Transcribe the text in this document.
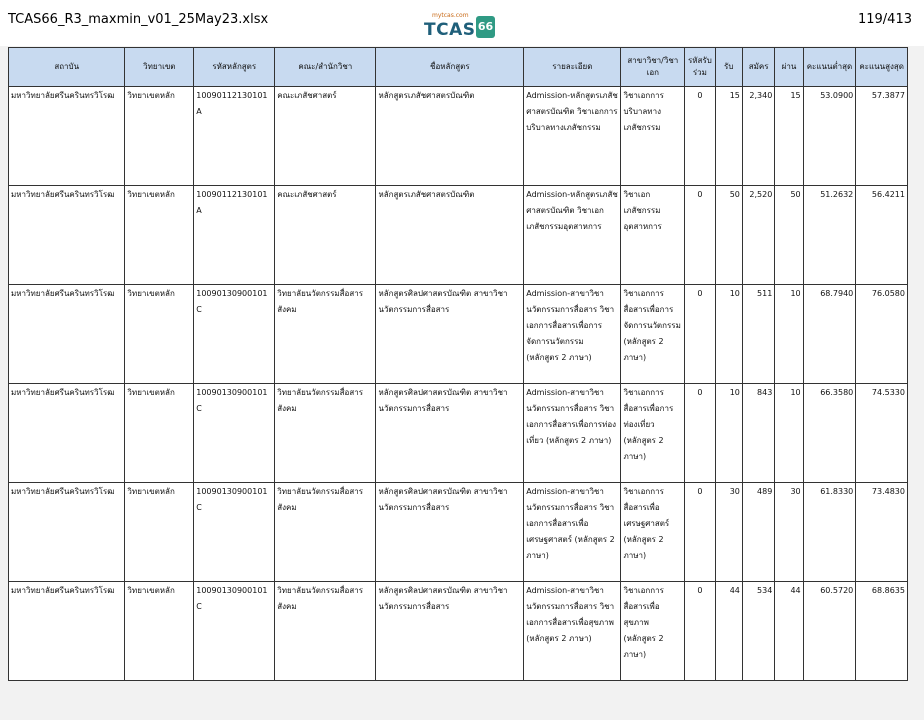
TCAS66_R3_maxmin_v01_25May23.xlsx	mytcas.com
TCAS 66	119/413
สถาบัน	วิทยาเขต	รหัสหลักสูตร	คณะ/สำนักวิชา	ชื่อหลักสูตร	รายละเอียด	สาขาวิชา/วิชาเอก	รหัสรับร่วม	รับ	สมัคร	ผ่าน	คะแนนต่ำสุด	คะแนนสูงสุด
มหาวิทยาลัยศรีนครินทรวิโรฒ	วิทยาเขตหลัก	10090112130101A	คณะเภสัชศาสตร์	หลักสูตรเภสัชศาสตรบัณฑิต	Admission-หลักสูตรเภสัชศาสตรบัณฑิต วิชาเอกการบริบาลทางเภสัชกรรม	วิชาเอกการบริบาลทางเภสัชกรรม	0	15	2,340	15	53.0900	57.3877
มหาวิทยาลัยศรีนครินทรวิโรฒ	วิทยาเขตหลัก	10090112130101A	คณะเภสัชศาสตร์	หลักสูตรเภสัชศาสตรบัณฑิต	Admission-หลักสูตรเภสัชศาสตรบัณฑิต วิชาเอกเภสัชกรรมอุตสาหการ	วิชาเอกเภสัชกรรมอุตสาหการ	0	50	2,520	50	51.2632	56.4211
มหาวิทยาลัยศรีนครินทรวิโรฒ	วิทยาเขตหลัก	10090130900101C	วิทยาลัยนวัตกรรมสื่อสารสังคม	หลักสูตรศิลปศาสตรบัณฑิต สาขาวิชานวัตกรรมการสื่อสาร	Admission-สาขาวิชานวัตกรรมการสื่อสาร วิชาเอกการสื่อสารเพื่อการจัดการนวัตกรรม (หลักสูตร 2 ภาษา)	วิชาเอกการสื่อสารเพื่อการจัดการนวัตกรรม (หลักสูตร 2 ภาษา)	0	10	511	10	68.7940	76.0580
มหาวิทยาลัยศรีนครินทรวิโรฒ	วิทยาเขตหลัก	10090130900101C	วิทยาลัยนวัตกรรมสื่อสารสังคม	หลักสูตรศิลปศาสตรบัณฑิต สาขาวิชานวัตกรรมการสื่อสาร	Admission-สาขาวิชานวัตกรรมการสื่อสาร วิชาเอกการสื่อสารเพื่อการท่องเที่ยว (หลักสูตร 2 ภาษา)	วิชาเอกการสื่อสารเพื่อการท่องเที่ยว (หลักสูตร 2 ภาษา)	0	10	843	10	66.3580	74.5330
มหาวิทยาลัยศรีนครินทรวิโรฒ	วิทยาเขตหลัก	10090130900101C	วิทยาลัยนวัตกรรมสื่อสารสังคม	หลักสูตรศิลปศาสตรบัณฑิต สาขาวิชานวัตกรรมการสื่อสาร	Admission-สาขาวิชานวัตกรรมการสื่อสาร วิชาเอกการสื่อสารเพื่อเศรษฐศาสตร์ (หลักสูตร 2 ภาษา)	วิชาเอกการสื่อสารเพื่อเศรษฐศาสตร์ (หลักสูตร 2 ภาษา)	0	30	489	30	61.8330	73.4830
มหาวิทยาลัยศรีนครินทรวิโรฒ	วิทยาเขตหลัก	10090130900101C	วิทยาลัยนวัตกรรมสื่อสารสังคม	หลักสูตรศิลปศาสตรบัณฑิต สาขาวิชานวัตกรรมการสื่อสาร	Admission-สาขาวิชานวัตกรรมการสื่อสาร วิชาเอกการสื่อสารเพื่อสุขภาพ (หลักสูตร 2 ภาษา)	วิชาเอกการสื่อสารเพื่อสุขภาพ (หลักสูตร 2 ภาษา)	0	44	534	44	60.5720	68.8635
